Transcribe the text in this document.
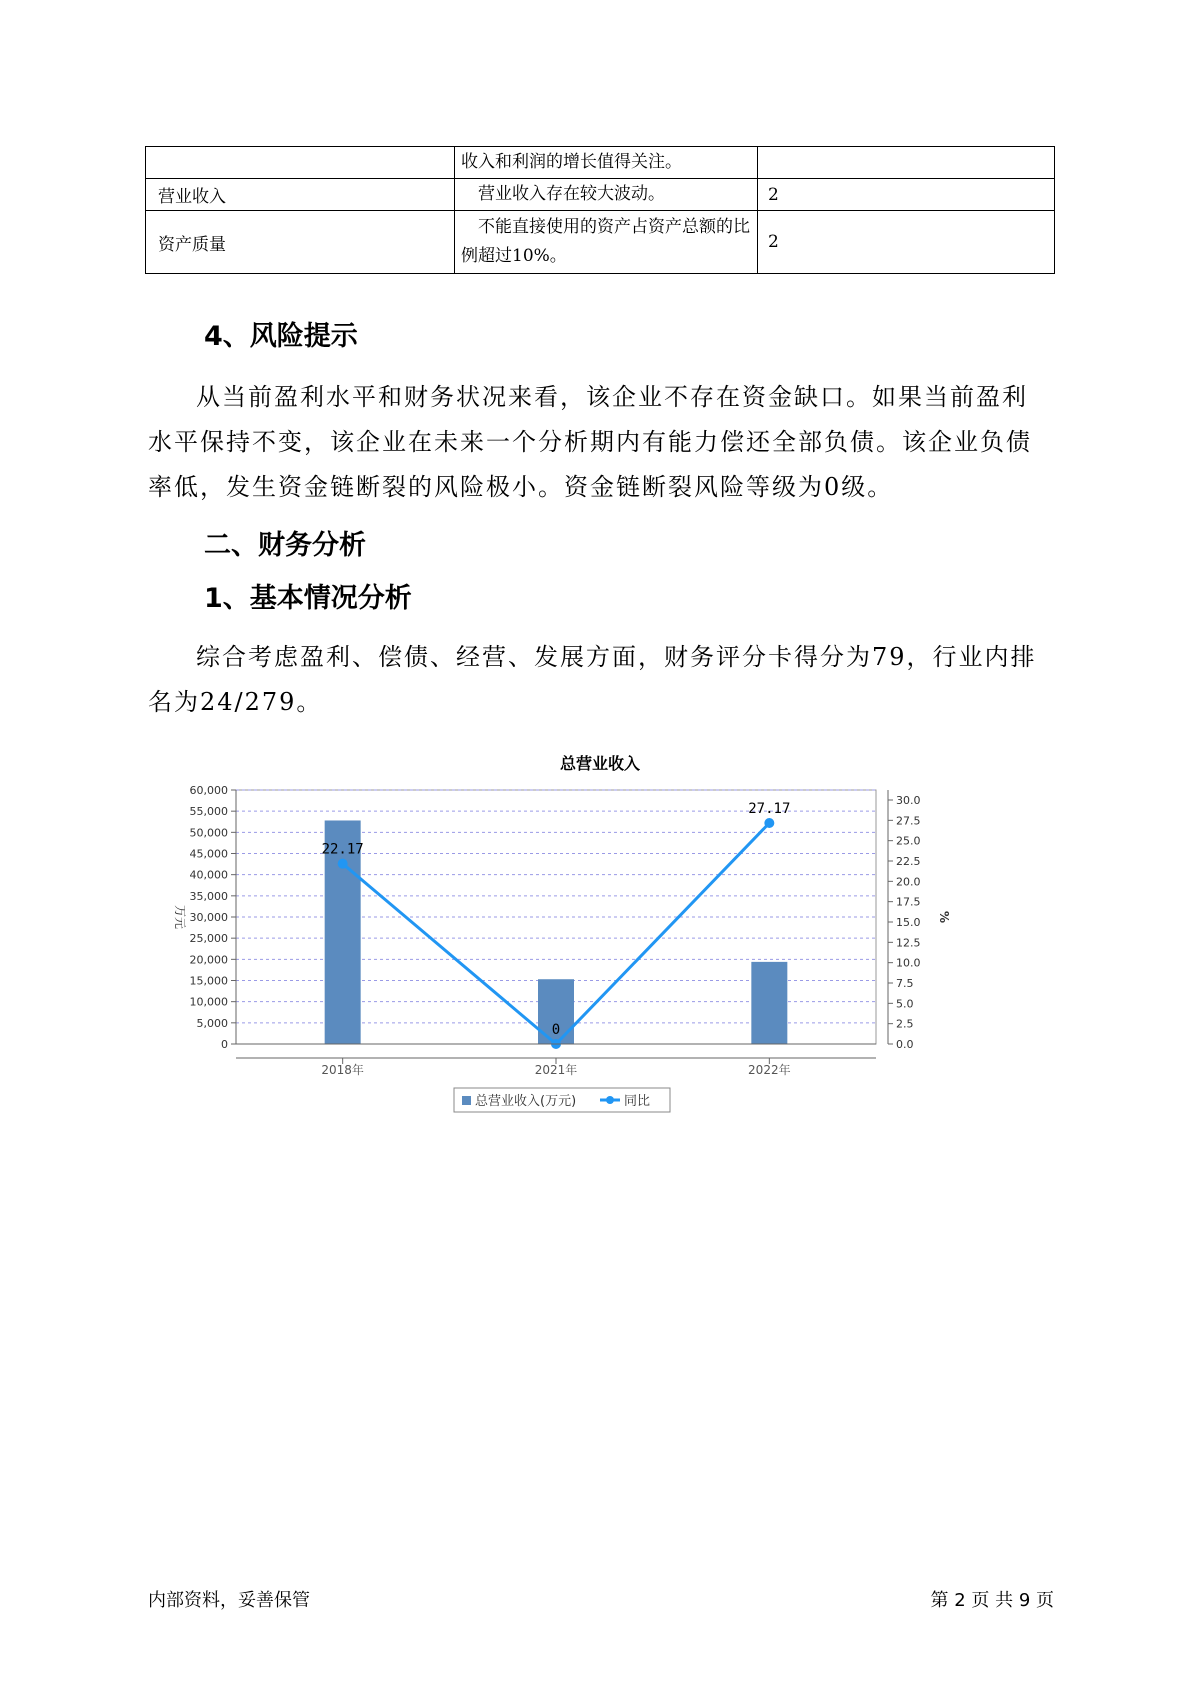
	收入和利润的增长值得关注。	

营业收入	营业收入存在较大波动。	2
资产质量	不能直接使用的资产占资产总额的比例超过10%。	2
4、风险提示
从当前盈利水平和财务状况来看，该企业不存在资金缺口。如果当前盈利水平保持不变，该企业在未来一个分析期内有能力偿还全部负债。该企业负债率低，发生资金链断裂的风险极小。资金链断裂风险等级为0级。
二、财务分析
1、基本情况分析
综合考虑盈利、偿债、经营、发展方面，财务评分卡得分为79，行业内排名为24/279。
总营业收入
0
5,000
10,000
15,000
20,000
25,000
30,000
35,000
40,000
45,000
50,000
55,000
60,000
0.0
2.5
5.0
7.5
10.0
12.5
15.0
17.5
20.0
22.5
25.0
27.5
30.0
万元	%
2018年	2021年	2022年
22.17
0
27.17
总营业收入(万元)	同比
内部资料，妥善保管	第 2 页 共 9 页
